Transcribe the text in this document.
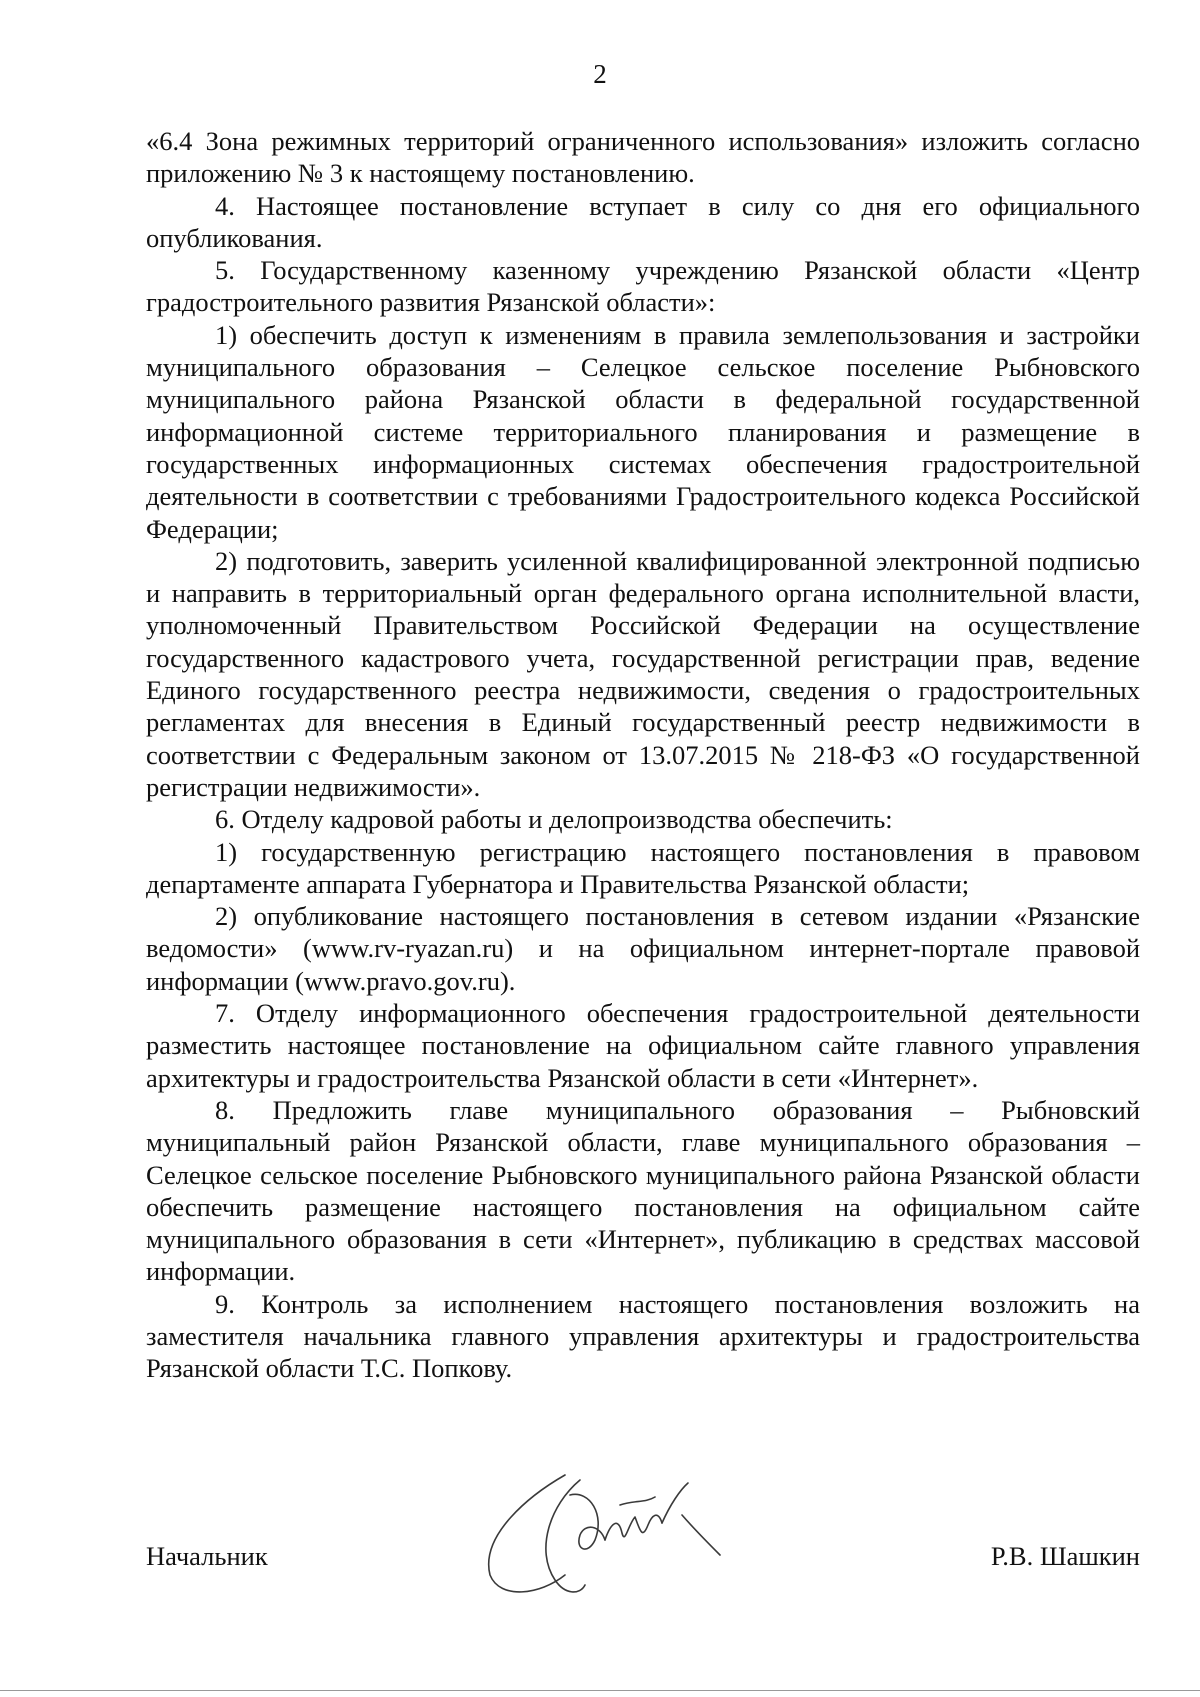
2

«6.4 Зона режимных территорий ограниченного использования» изложить согласно приложению № 3 к настоящему постановлению.

4. Настоящее постановление вступает в силу со дня его официального опубликования.

5. Государственному казенному учреждению Рязанской области «Центр градостроительного развития Рязанской области»:

1) обеспечить доступ к изменениям в правила землепользования и застройки муниципального образования – Селецкое сельское поселение Рыбновского муниципального района Рязанской области в федеральной государственной информационной системе территориального планирования и размещение в государственных информационных системах обеспечения градостроительной деятельности в соответствии с требованиями Градостроительного кодекса Российской Федерации;

2) подготовить, заверить усиленной квалифицированной электронной подписью и направить в территориальный орган федерального органа исполнительной власти, уполномоченный Правительством Российской Федерации на осуществление государственного кадастрового учета, государственной регистрации прав, ведение Единого государственного реестра недвижимости, сведения о градостроительных регламентах для внесения в Единый государственный реестр недвижимости в соответствии с Федеральным законом от 13.07.2015 № 218-ФЗ «О государственной регистрации недвижимости».

6. Отделу кадровой работы и делопроизводства обеспечить:

1) государственную регистрацию настоящего постановления в правовом департаменте аппарата Губернатора и Правительства Рязанской области;

2) опубликование настоящего постановления в сетевом издании «Рязанские ведомости» (www.rv-ryazan.ru) и на официальном интернет-портале правовой информации (www.pravo.gov.ru).

7. Отделу информационного обеспечения градостроительной деятельности разместить настоящее постановление на официальном сайте главного управления архитектуры и градостроительства Рязанской области в сети «Интернет».

8. Предложить главе муниципального образования – Рыбновский муниципальный район Рязанской области, главе муниципального образования – Селецкое сельское поселение Рыбновского муниципального района Рязанской области обеспечить размещение настоящего постановления на официальном сайте муниципального образования в сети «Интернет», публикацию в средствах массовой информации.

9. Контроль за исполнением настоящего постановления возложить на заместителя начальника главного управления архитектуры и градостроительства Рязанской области Т.С. Попкову.

Начальник	Р.В. Шашкин
